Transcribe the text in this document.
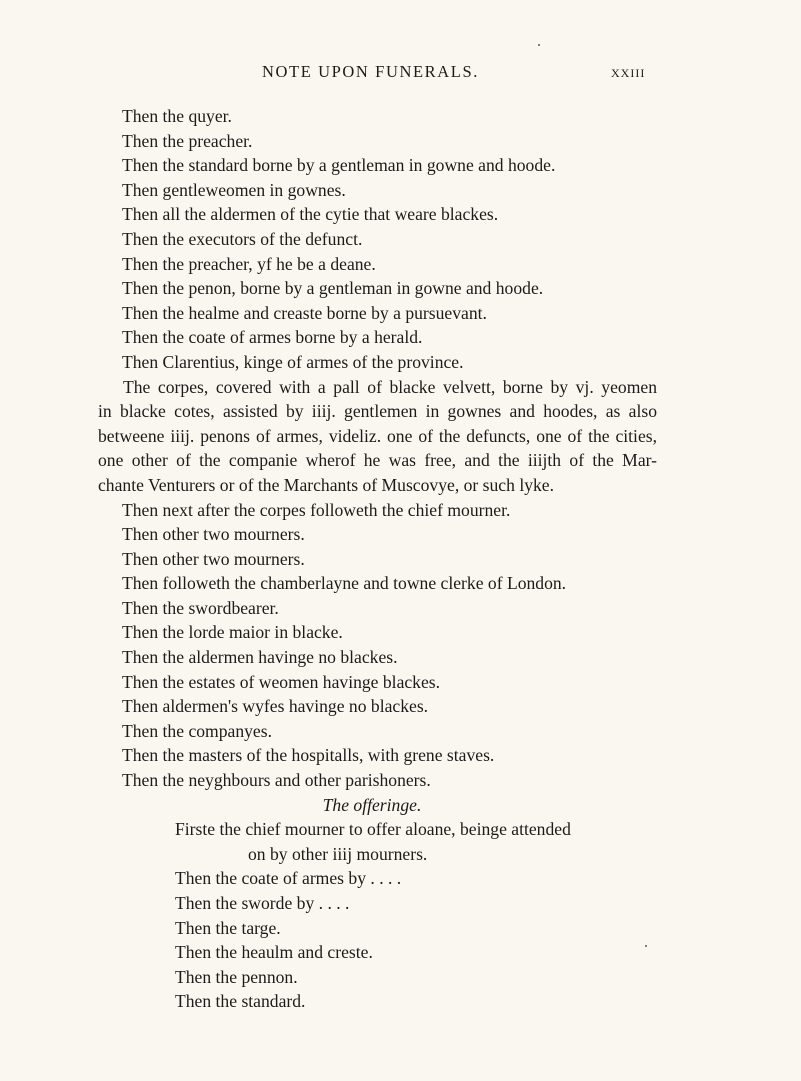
NOTE UPON FUNERALS.	xxiii
Then the quyer.
Then the preacher.
Then the standard borne by a gentleman in gowne and hoode.
Then gentleweomen in gownes.
Then all the aldermen of the cytie that weare blackes.
Then the executors of the defunct.
Then the preacher, yf he be a deane.
Then the penon, borne by a gentleman in gowne and hoode.
Then the healme and creaste borne by a pursuevant.
Then the coate of armes borne by a herald.
Then Clarentius, kinge of armes of the province.
The corpes, covered with a pall of blacke velvett, borne by vj. yeomen
in blacke cotes, assisted by iiij. gentlemen in gownes and hoodes, as also
betweene iiij. penons of armes, videliz. one of the defuncts, one of the cities,
one other of the companie wherof he was free, and the iiijth of the Mar-
chante Venturers or of the Marchants of Muscovye, or such lyke.
Then next after the corpes followeth the chief mourner.
Then other two mourners.
Then other two mourners.
Then followeth the chamberlayne and towne clerke of London.
Then the swordbearer.
Then the lorde maior in blacke.
Then the aldermen havinge no blackes.
Then the estates of weomen havinge blackes.
Then aldermen's wyfes havinge no blackes.
Then the companyes.
Then the masters of the hospitalls, with grene staves.
Then the neyghbours and other parishoners.
The offeringe.
Firste the chief mourner to offer aloane, beinge attended
on by other iiij mourners.
Then the coate of armes by . . . .
Then the sworde by . . . .
Then the targe.
Then the heaulm and creste.
Then the pennon.
Then the standard.
